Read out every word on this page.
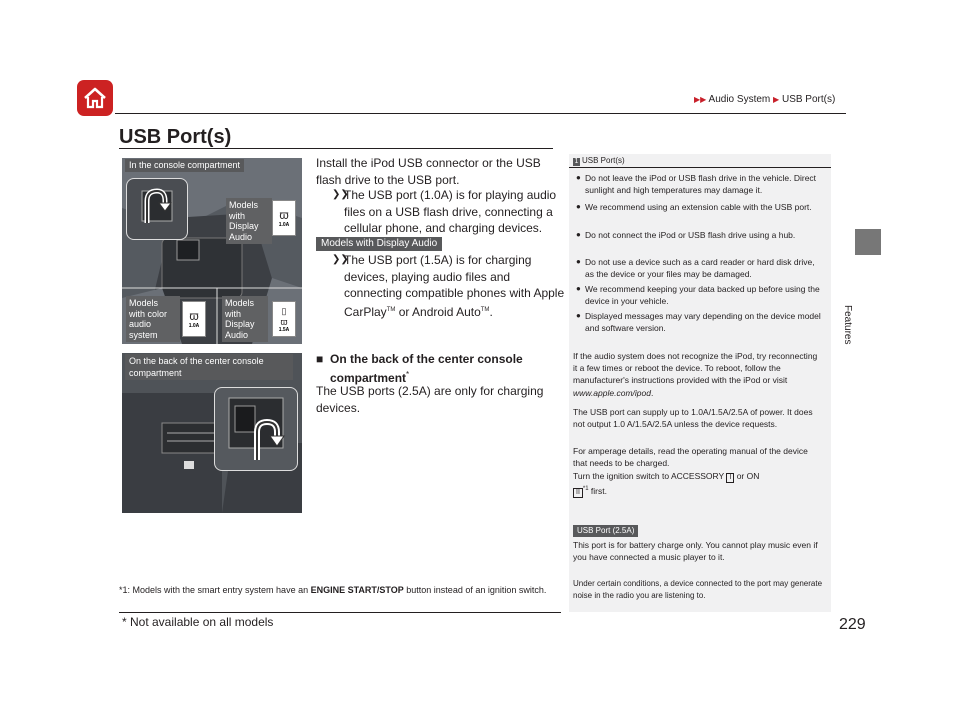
▶▶ Audio System ▶ USB Port(s)
Features
USB Port(s)
In the console compartment
Models
with
Display
Audio
ϖ
1.0A
Models
with color
audio
system
ϖ
1.0A
Models
with
Display
Audio
▯
ϖ
1.5A
On the back of the center console compartment
Install the iPod USB connector or the USB flash drive to the USB port.
❯❯
The USB port (1.0A) is for playing audio files on a USB flash drive, connecting a cellular phone, and charging devices.
Models with Display Audio
❯❯
The USB port (1.5A) is for charging devices, playing audio files and connecting compatible phones with Apple CarPlay™ or Android Auto™.
■ On the back of the center console compartment*
The USB ports (2.5A) are only for charging devices.
1 USB Port(s)
● Do not leave the iPod or USB flash drive in the vehicle. Direct sunlight and high temperatures may damage it.
● We recommend using an extension cable with the USB port.
● Do not connect the iPod or USB flash drive using a hub.
● Do not use a device such as a card reader or hard disk drive, as the device or your files may be damaged.
● We recommend keeping your data backed up before using the device in your vehicle.
● Displayed messages may vary depending on the device model and software version.
If the audio system does not recognize the iPod, try reconnecting it a few times or reboot the device. To reboot, follow the manufacturer's instructions provided with the iPod or visit www.apple.com/ipod.
The USB port can supply up to 1.0A/1.5A/2.5A of power. It does not output 1.0 A/1.5A/2.5A unless the device requests.
For amperage details, read the operating manual of the device that needs to be charged.
Turn the ignition switch to ACCESSORY I or ON
II $^{*1}$ first.
USB Port (2.5A)
This port is for battery charge only. You cannot play music even if you have connected a music player to it.
Under certain conditions, a device connected to the port may generate noise in the radio you are listening to.
*1: Models with the smart entry system have an ENGINE START/STOP button instead of an ignition switch.
* Not available on all models	229
